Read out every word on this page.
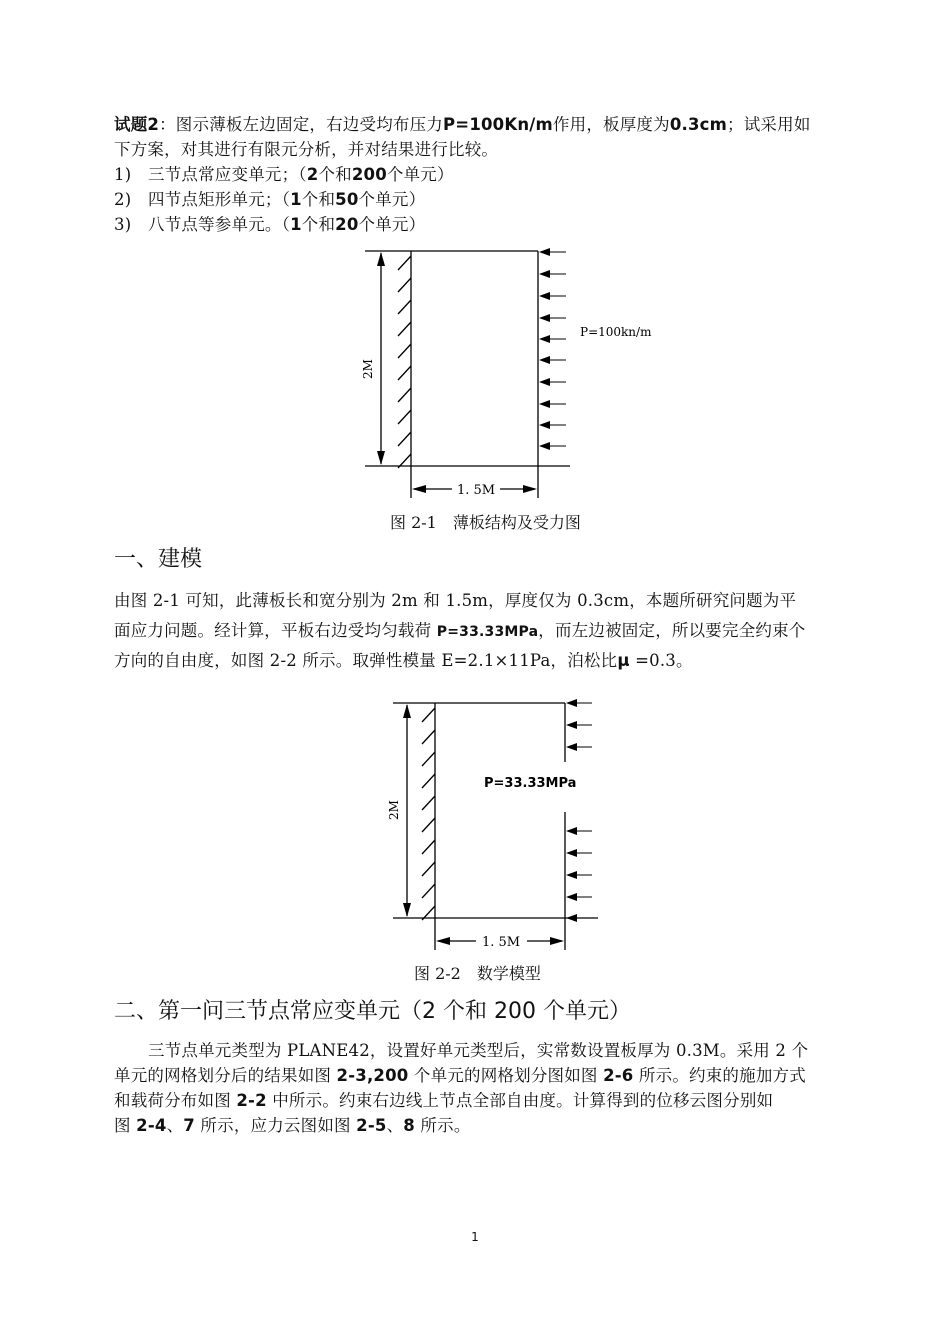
试题2：图示薄板左边固定，右边受均布压力P=100Kn/m作用，板厚度为0.3cm；试采用如
下方案，对其进行有限元分析，并对结果进行比较。
1) 三节点常应变单元；（2个和200个单元）
2) 四节点矩形单元；（1个和50个单元）
3) 八节点等参单元。（1个和20个单元）
2M
1. 5M
P=100kn/m
图 2-1　薄板结构及受力图
一、建模
由图 2-1 可知，此薄板长和宽分别为 2m 和 1.5m，厚度仅为 0.3cm，本题所研究问题为平
面应力问题。经计算，平板右边受均匀载荷 P=33.33MPa，而左边被固定，所以要完全约束个
方向的自由度，如图 2-2 所示。取弹性模量 E=2.1×11Pa，泊松比μ =0.3。
2M
1. 5M
P=33.33MPa
图 2-2　数学模型
二、第一问三节点常应变单元（2 个和 200 个单元）
三节点单元类型为 PLANE42，设置好单元类型后，实常数设置板厚为 0.3M。采用 2 个
单元的网格划分后的结果如图 2-3,200 个单元的网格划分图如图 2-6 所示。约束的施加方式
和载荷分布如图 2-2 中所示。约束右边线上节点全部自由度。计算得到的位移云图分别如
图 2-4、7 所示，应力云图如图 2-5、8 所示。
1
